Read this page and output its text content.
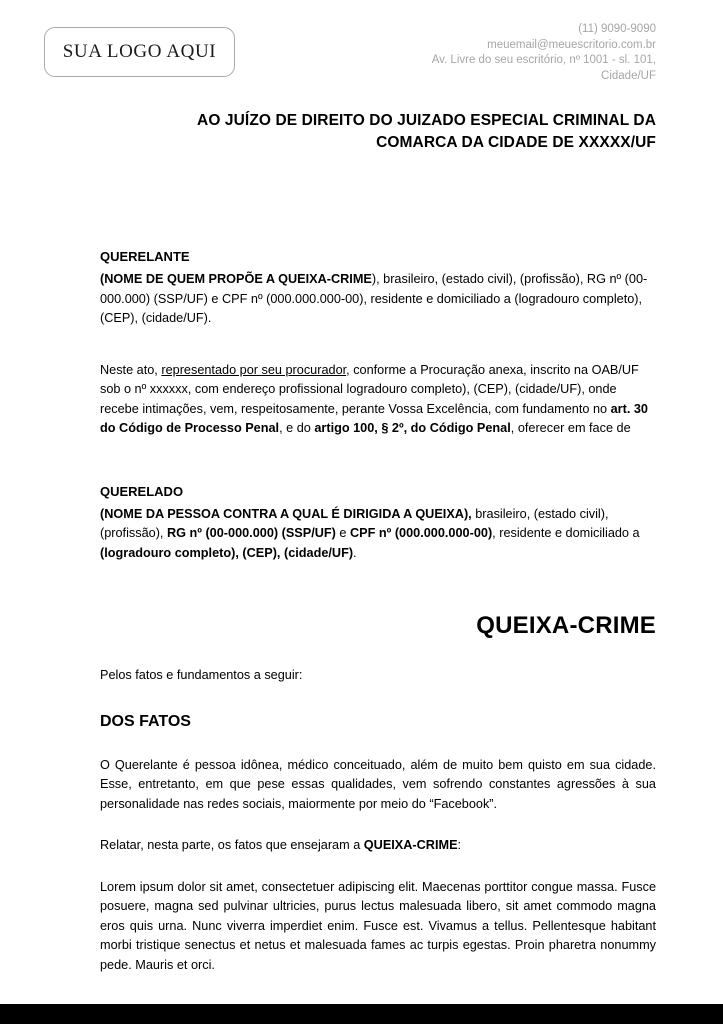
SUA LOGO AQUI
(11) 9090-9090
meuemail@meuescritorio.com.br
Av. Livre do seu escritório, nº 1001 - sl. 101,
Cidade/UF
AO JUÍZO DE DIREITO DO JUIZADO ESPECIAL CRIMINAL DA
COMARCA DA CIDADE DE XXXXX/UF
QUERELANTE

(NOME DE QUEM PROPÕE A QUEIXA-CRIME), brasileiro, (estado civil), (profissão), RG nº (00-000.000) (SSP/UF) e CPF nº (000.000.000-00), residente e domiciliado a (logradouro completo), (CEP), (cidade/UF).

Neste ato, representado por seu procurador, conforme a Procuração anexa, inscrito na OAB/UF sob o nº xxxxxx, com endereço profissional logradouro completo), (CEP), (cidade/UF), onde recebe intimações, vem, respeitosamente, perante Vossa Excelência, com fundamento no art. 30 do Código de Processo Penal, e do artigo 100, § 2º, do Código Penal, oferecer em face de

QUERELADO

(NOME DA PESSOA CONTRA A QUAL É DIRIGIDA A QUEIXA), brasileiro, (estado civil), (profissão), RG nº (00-000.000) (SSP/UF) e CPF nº (000.000.000-00), residente e domiciliado a (logradouro completo), (CEP), (cidade/UF).

QUEIXA-CRIME

Pelos fatos e fundamentos a seguir:

DOS FATOS

O Querelante é pessoa idônea, médico conceituado, além de muito bem quisto em sua cidade. Esse, entretanto, em que pese essas qualidades, vem sofrendo constantes agressões à sua personalidade nas redes sociais, maiormente por meio do “Facebook”.

Relatar, nesta parte, os fatos que ensejaram a QUEIXA-CRIME:

Lorem ipsum dolor sit amet, consectetuer adipiscing elit. Maecenas porttitor congue massa. Fusce posuere, magna sed pulvinar ultricies, purus lectus malesuada libero, sit amet commodo magna eros quis urna. Nunc viverra imperdiet enim. Fusce est. Vivamus a tellus. Pellentesque habitant morbi tristique senectus et netus et malesuada fames ac turpis egestas. Proin pharetra nonummy pede. Mauris et orci.
